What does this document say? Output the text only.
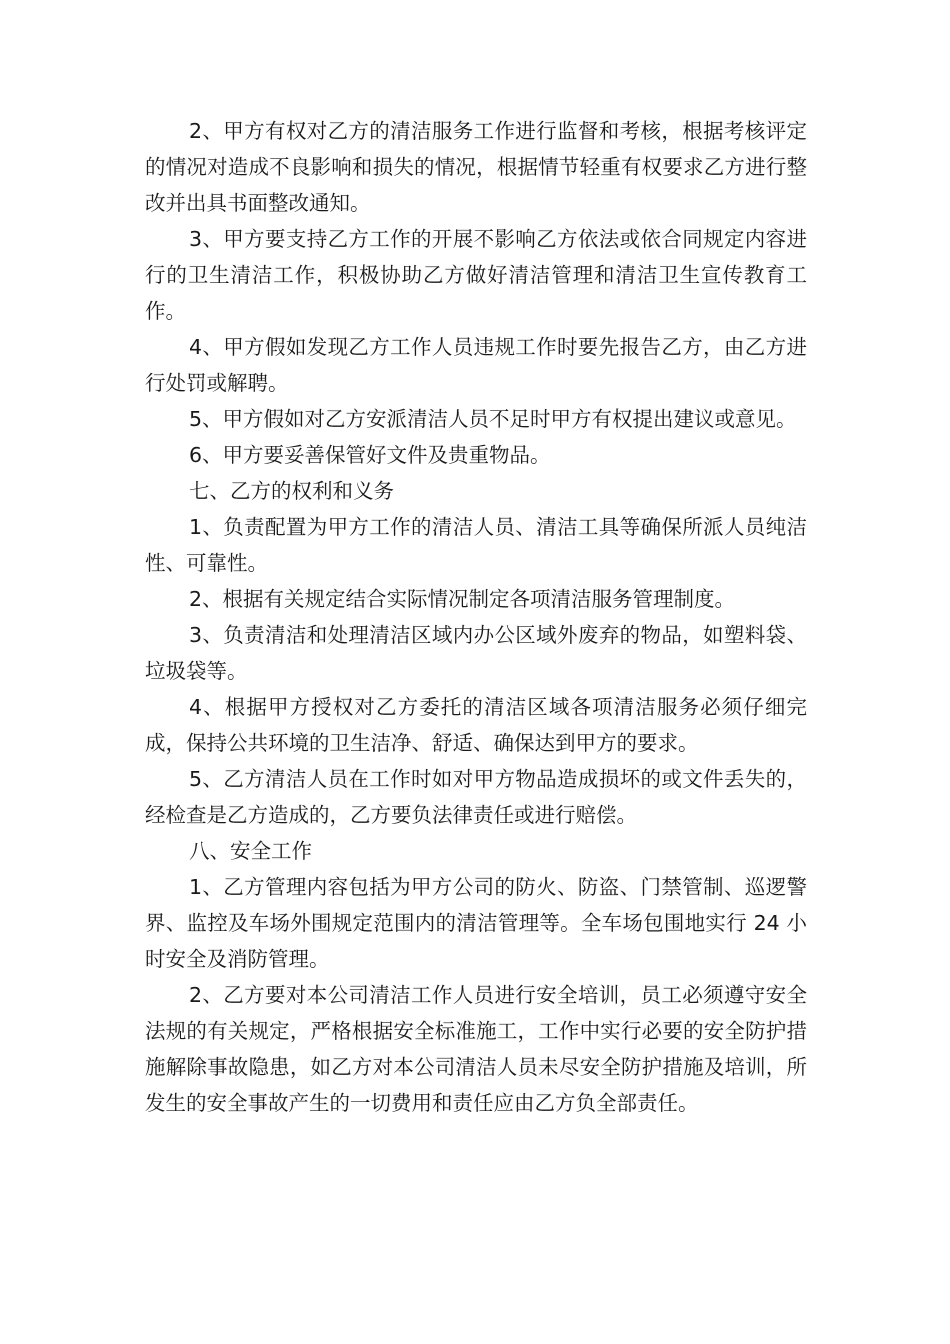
2、甲方有权对乙方的清洁服务工作进行监督和考核，根据考核评定的情况对造成不良影响和损失的情况，根据情节轻重有权要求乙方进行整改并出具书面整改通知。

3、甲方要支持乙方工作的开展不影响乙方依法或依合同规定内容进行的卫生清洁工作，积极协助乙方做好清洁管理和清洁卫生宣传教育工作。

4、甲方假如发现乙方工作人员违规工作时要先报告乙方，由乙方进行处罚或解聘。

5、甲方假如对乙方安派清洁人员不足时甲方有权提出建议或意见。

6、甲方要妥善保管好文件及贵重物品。

七、乙方的权利和义务

1、负责配置为甲方工作的清洁人员、清洁工具等确保所派人员纯洁性、可靠性。

2、根据有关规定结合实际情况制定各项清洁服务管理制度。

3、负责清洁和处理清洁区域内办公区域外废弃的物品，如塑料袋、垃圾袋等。

4、根据甲方授权对乙方委托的清洁区域各项清洁服务必须仔细完成，保持公共环境的卫生洁净、舒适、确保达到甲方的要求。

5、乙方清洁人员在工作时如对甲方物品造成损坏的或文件丢失的，经检查是乙方造成的，乙方要负法律责任或进行赔偿。

八、安全工作

1、乙方管理内容包括为甲方公司的防火、防盗、门禁管制、巡逻警界、监控及车场外围规定范围内的清洁管理等。全车场包围地实行 24 小时安全及消防管理。

2、乙方要对本公司清洁工作人员进行安全培训，员工必须遵守安全法规的有关规定，严格根据安全标准施工，工作中实行必要的安全防护措施解除事故隐患，如乙方对本公司清洁人员未尽安全防护措施及培训，所发生的安全事故产生的一切费用和责任应由乙方负全部责任。
